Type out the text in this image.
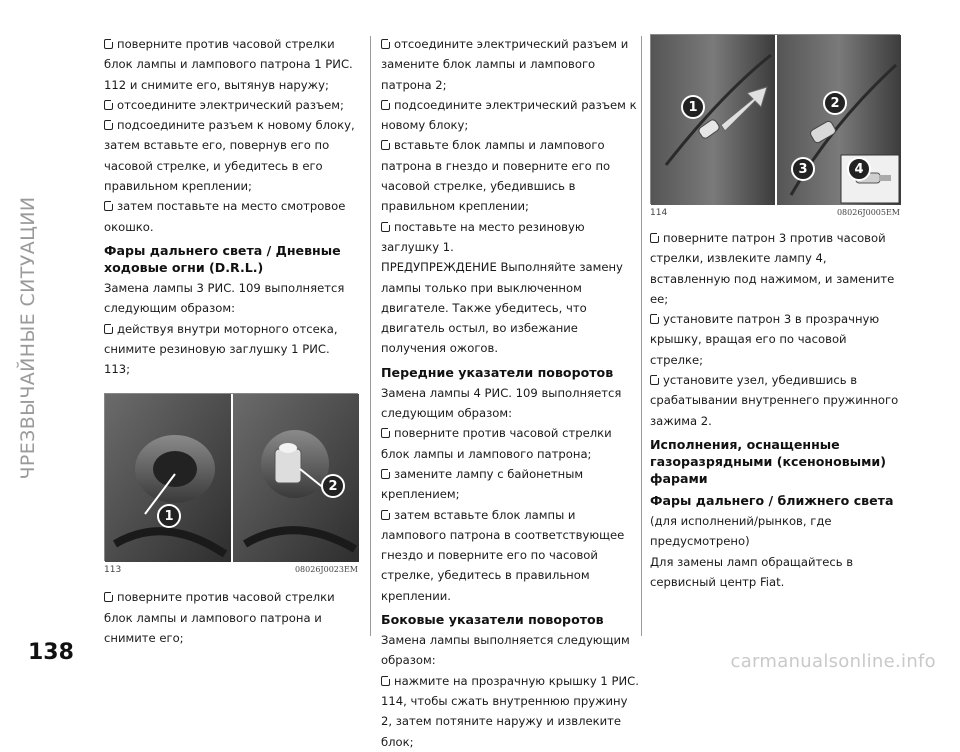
ЧРЕЗВЫЧАЙНЫЕ СИТУАЦИИ
138
поверните против часовой стрелки блок лампы и лампового патрона 1 РИС. 112 и снимите его, вытянув наружу;
отсоедините электрический разъем;
подсоедините разъем к новому блоку, затем вставьте его, повернув его по часовой стрелке, и убедитесь в его правильном креплении;
затем поставьте на место смотровое окошко.
Фары дальнего света / Дневные ходовые огни (D.R.L.)
Замена лампы 3 РИС. 109 выполняется следующим образом:
действуя внутри моторного отсека, снимите резиновую заглушку 1 РИС. 113;
1
2
113	08026J0023EM
поверните против часовой стрелки блок лампы и лампового патрона и снимите его;
отсоедините электрический разъем и замените блок лампы и лампового патрона 2;
подсоедините электрический разъем к новому блоку;
вставьте блок лампы и лампового патрона в гнездо и поверните его по часовой стрелке, убедившись в правильном креплении;
поставьте на место резиновую заглушку 1.
ПРЕДУПРЕЖДЕНИЕ Выполняйте замену лампы только при выключенном двигателе. Также убедитесь, что двигатель остыл, во избежание получения ожогов.
Передние указатели поворотов
Замена лампы 4 РИС. 109 выполняется следующим образом:
поверните против часовой стрелки блок лампы и лампового патрона;
замените лампу с байонетным креплением;
затем вставьте блок лампы и лампового патрона в соответствующее гнездо и поверните его по часовой стрелке, убедитесь в правильном креплении.
Боковые указатели поворотов
Замена лампы выполняется следующим образом:
нажмите на прозрачную крышку 1 РИС. 114, чтобы сжать внутреннюю пружину 2, затем потяните наружу и извлеките блок;
1	2
3	4
114	08026J0005EM
поверните патрон 3 против часовой стрелки, извлеките лампу 4, вставленную под нажимом, и замените ее;
установите патрон 3 в прозрачную крышку, вращая его по часовой стрелке;
установите узел, убедившись в срабатывании внутреннего пружинного зажима 2.
Исполнения, оснащенные газоразрядными (ксеноновыми) фарами
Фары дальнего / ближнего света
(для исполнений/рынков, где предусмотрено)
Для замены ламп обращайтесь в сервисный центр Fiat.
carmanualsonline.info
